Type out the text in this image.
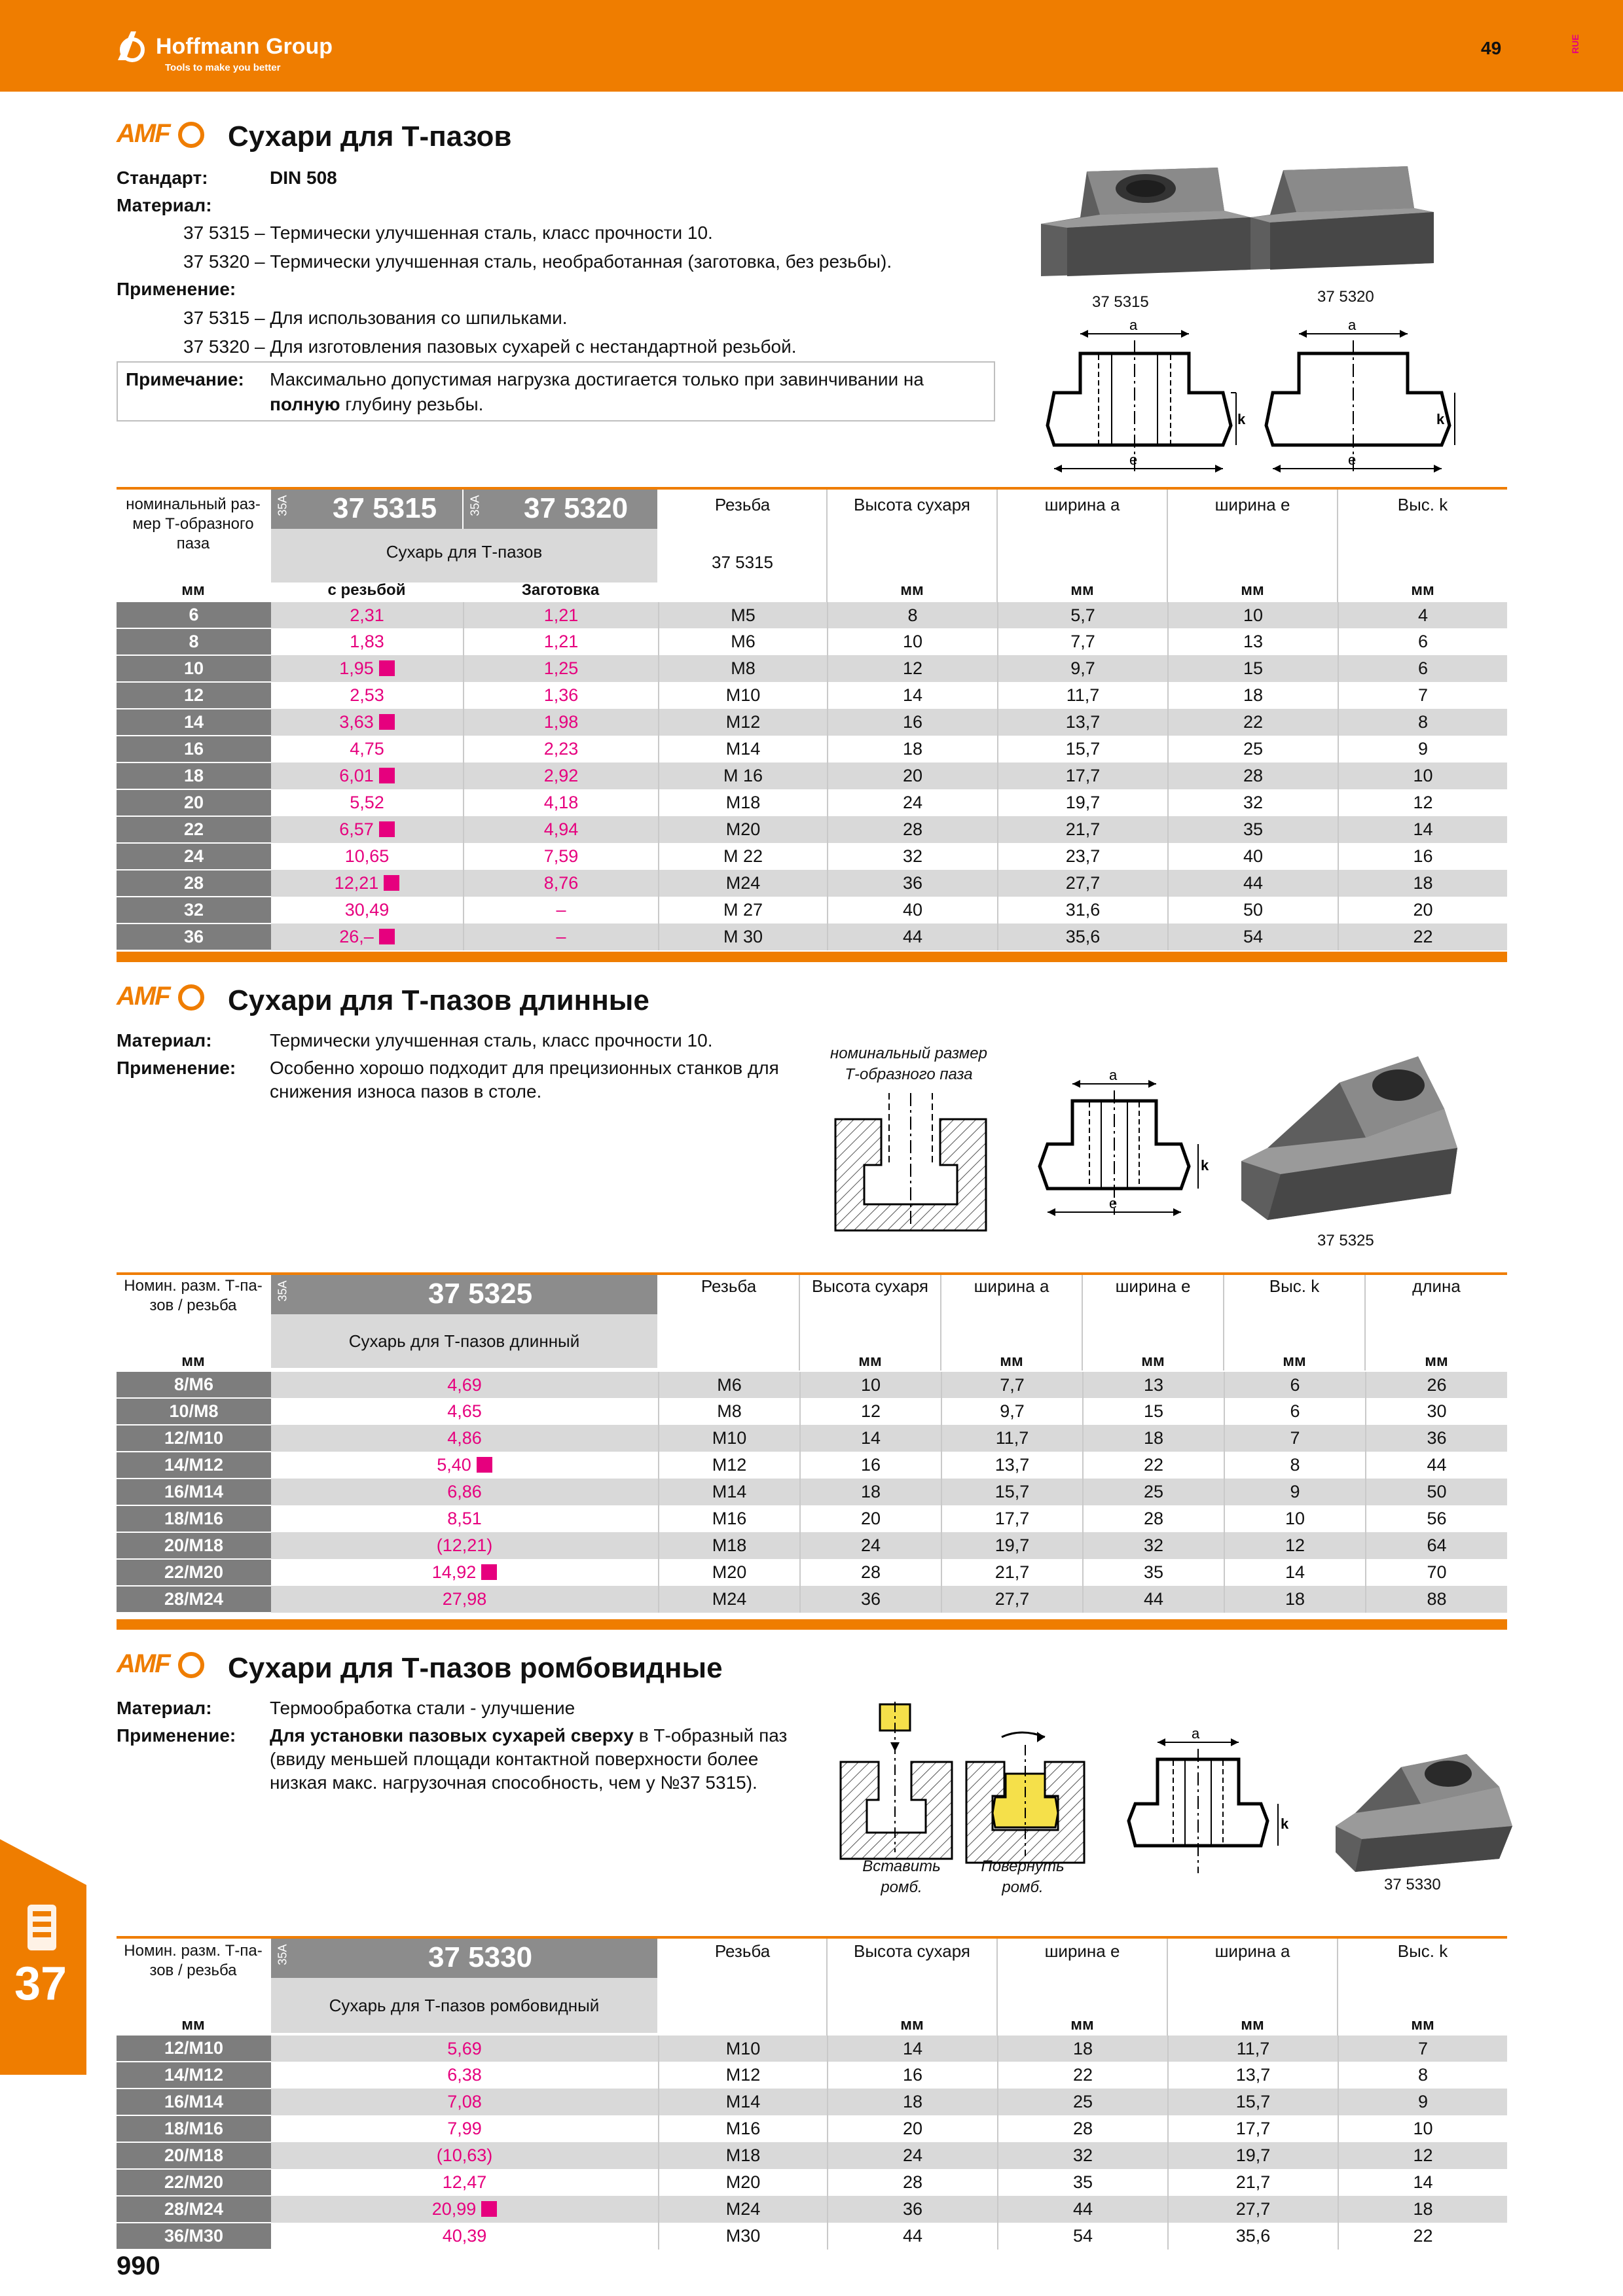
Hoffmann Group
Tools to make you better
49	RUE
AMF Сухари для Т-пазов
Стандарт:	DIN 508
Материал:
37 5315 – Термически улучшенная сталь, класс прочности 10.
37 5320 – Термически улучшенная сталь, необработанная (заготовка, без резьбы).
Применение:
37 5315 – Для использования со шпильками.
37 5320 – Для изготовления пазовых сухарей с нестандартной резьбой.
Примечание: Максимально допустимая нагрузка достигается только при завинчивании на
полную глубину резьбы.
37 5315	37 5320
a
e
k
a
e
k
номинальный раз-
мер Т-образного
паза
35A	35A
37 5315	37 5320
Сухарь для Т-пазов
Резьба
37 5315
Высота сухаря	ширина а	ширина е	Выс. k
мм	с резьбой	Заготовка	мм	мм	мм	мм
6	2,31	1,21	M5	8	5,7	10	4
8	1,83	1,21	M6	10	7,7	13	6
10	1,95	1,25	M8	12	9,7	15	6
12	2,53	1,36	M10	14	11,7	18	7
14	3,63	1,98	M12	16	13,7	22	8
16	4,75	2,23	M14	18	15,7	25	9
18	6,01	2,92	M 16	20	17,7	28	10
20	5,52	4,18	M18	24	19,7	32	12
22	6,57	4,94	M20	28	21,7	35	14
24	10,65	7,59	M 22	32	23,7	40	16
28	12,21	8,76	M24	36	27,7	44	18
32	30,49	–	M 27	40	31,6	50	20
36	26,–	–	M 30	44	35,6	54	22
AMF Сухари для Т-пазов длинные
Материал:	Термически улучшенная сталь, класс прочности 10.
Применение: Особенно хорошо подходит для прецизионных станков для
снижения износа пазов в столе.
номинальный размер
Т-образного паза	a
e
k
37 5325
Номин. разм. Т-па-
зов / резьба
35A	37 5325
Сухарь для Т-пазов длинный
Резьба	Высота сухаря	ширина а	ширина е	Выс. k	длина
мм	мм	мм	мм	мм	мм
8/M6	4,69	M6	10	7,7	13	6	26
10/M8	4,65	M8	12	9,7	15	6	30
12/M10	4,86	M10	14	11,7	18	7	36
14/M12	5,40	M12	16	13,7	22	8	44
16/M14	6,86	M14	18	15,7	25	9	50
18/M16	8,51	M16	20	17,7	28	10	56
20/M18	(12,21)	M18	24	19,7	32	12	64
22/M20	14,92	M20	28	21,7	35	14	70
28/M24	27,98	M24	36	27,7	44	18	88
AMF Сухари для Т-пазов ромбовидные
Материал:	Термообработка стали - улучшение
Применение: Для установки пазовых сухарей сверху в Т-образный паз
(ввиду меньшей площади контактной поверхности более
низкая макс. нагрузочная способность, чем у №37 5315).
Вставить
ромб.
Повернуть
ромб.
a
k
37 5330
Номин. разм. Т-па-
зов / резьба
35A	37 5330
Сухарь для Т-пазов ромбовидный
Резьба	Высота сухаря	ширина е	ширина а	Выс. k
мм	мм	мм	мм	мм
12/M10	5,69	M10	14	18	11,7	7
14/M12	6,38	M12	16	22	13,7	8
16/M14	7,08	M14	18	25	15,7	9
18/M16	7,99	M16	20	28	17,7	10
20/M18	(10,63)	M18	24	32	19,7	12
22/M20	12,47	M20	28	35	21,7	14
28/M24	20,99	M24	36	44	27,7	18
36/M30	40,39	M30	44	54	35,6	22
37
990
